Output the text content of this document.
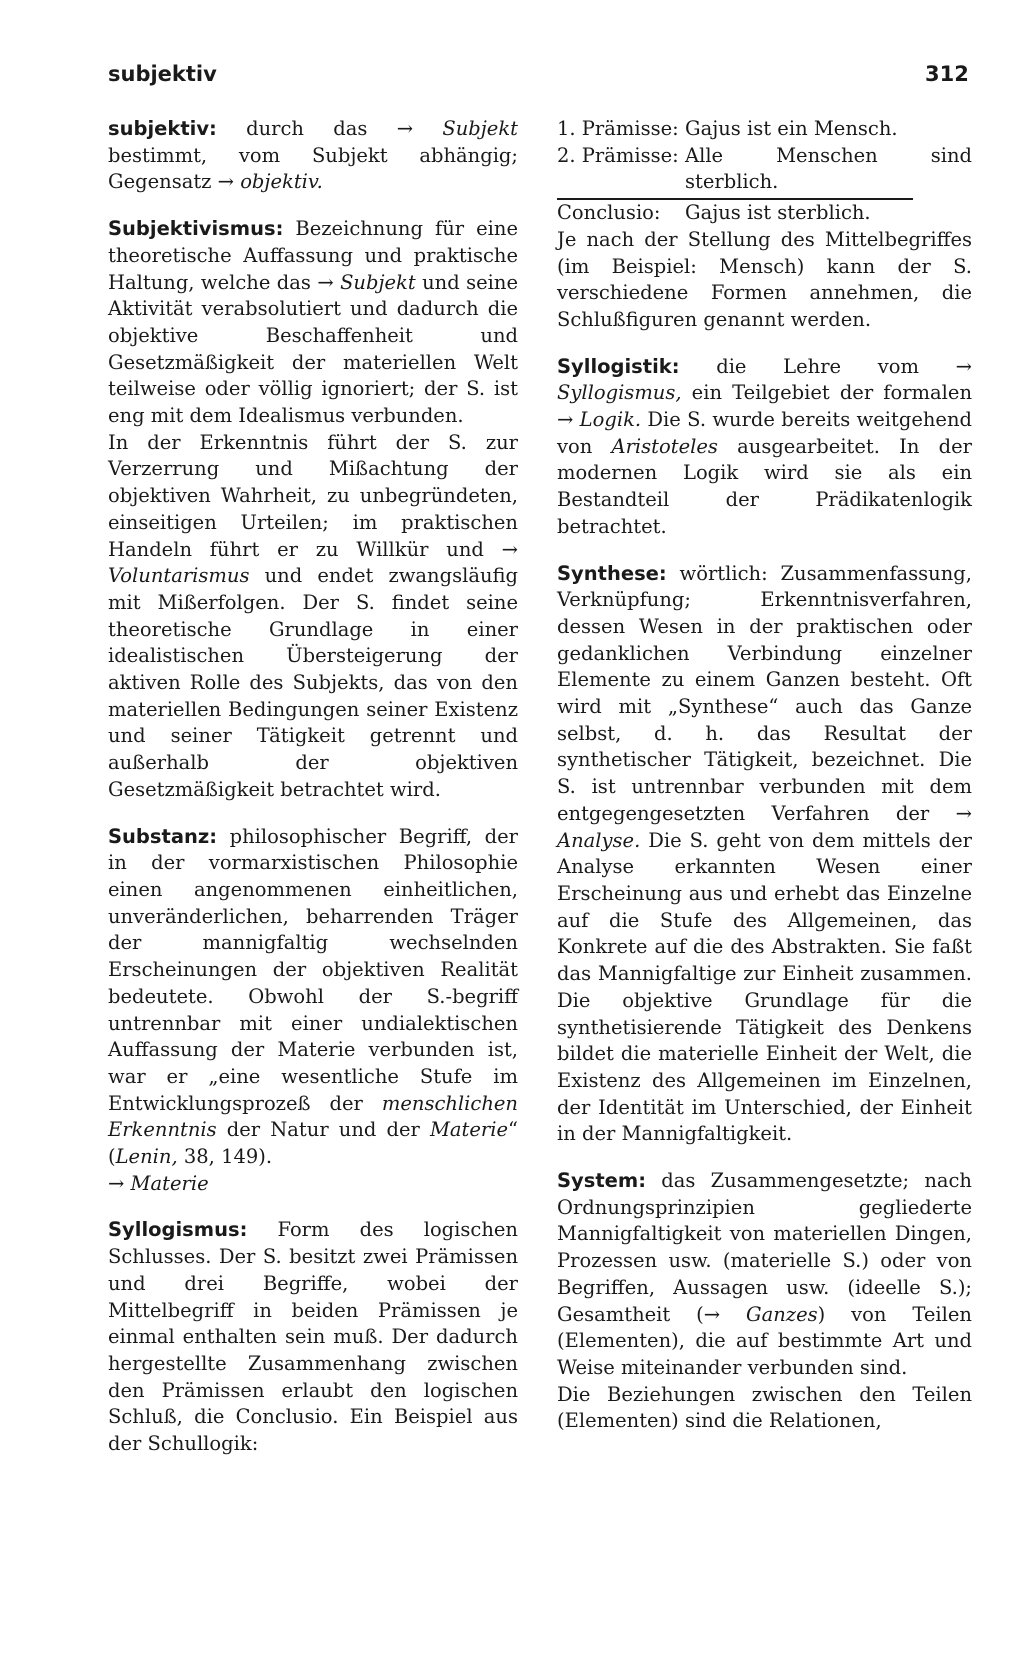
subjektiv	312

subjektiv: durch das → Subjekt bestimmt, vom Subjekt abhängig; Gegensatz → objektiv.

Subjektivismus: Bezeichnung für eine theoretische Auffassung und praktische Haltung, welche das → Subjekt und seine Aktivität verabsolutiert und dadurch die objektive Beschaffenheit und Gesetzmäßigkeit der materiellen Welt teilweise oder völlig ignoriert; der S. ist eng mit dem Idealismus verbunden.

In der Erkenntnis führt der S. zur Verzerrung und Mißachtung der objektiven Wahrheit, zu unbegründeten, einseitigen Urteilen; im praktischen Handeln führt er zu Willkür und → Voluntarismus und endet zwangsläufig mit Mißerfolgen. Der S. findet seine theoretische Grundlage in einer idealistischen Übersteigerung der aktiven Rolle des Subjekts, das von den materiellen Bedingungen seiner Existenz und seiner Tätigkeit getrennt und außerhalb der objektiven Gesetzmäßigkeit betrachtet wird.

Substanz: philosophischer Begriff, der in der vormarxistischen Philosophie einen angenommenen einheitlichen, unveränderlichen, beharrenden Träger der mannigfaltig wechselnden Erscheinungen der objektiven Realität bedeutete. Obwohl der S.-begriff untrennbar mit einer undialektischen Auffassung der Materie verbunden ist, war er „eine wesentliche Stufe im Entwicklungsprozeß der menschlichen Erkenntnis der Natur und der Materie“ (Lenin, 38, 149).
→ Materie

Syllogismus: Form des logischen Schlusses. Der S. besitzt zwei Prämissen und drei Begriffe, wobei der Mittelbegriff in beiden Prämissen je einmal enthalten sein muß. Der dadurch hergestellte Zusammenhang zwischen den Prämissen erlaubt den logischen Schluß, die Conclusio. Ein Beispiel aus der Schullogik:

1. Prämisse:	Gajus ist ein Mensch.
2. Prämisse:	Alle Menschen sind sterblich.
Conclusio:	Gajus ist sterblich.

Je nach der Stellung des Mittelbegriffes (im Beispiel: Mensch) kann der S. verschiedene Formen annehmen, die Schlußfiguren genannt werden.

Syllogistik: die Lehre vom → Syllogismus, ein Teilgebiet der formalen → Logik. Die S. wurde bereits weitgehend von Aristoteles ausgearbeitet. In der modernen Logik wird sie als ein Bestandteil der Prädikatenlogik betrachtet.

Synthese: wörtlich: Zusammenfassung, Verknüpfung; Erkenntnisverfahren, dessen Wesen in der praktischen oder gedanklichen Verbindung einzelner Elemente zu einem Ganzen besteht. Oft wird mit „Synthese“ auch das Ganze selbst, d. h. das Resultat der synthetischer Tätigkeit, bezeichnet. Die S. ist untrennbar verbunden mit dem entgegengesetzten Verfahren der → Analyse. Die S. geht von dem mittels der Analyse erkannten Wesen einer Erscheinung aus und erhebt das Einzelne auf die Stufe des Allgemeinen, das Konkrete auf die des Abstrakten. Sie faßt das Mannigfaltige zur Einheit zusammen. Die objektive Grundlage für die synthetisierende Tätigkeit des Denkens bildet die materielle Einheit der Welt, die Existenz des Allgemeinen im Einzelnen, der Identität im Unterschied, der Einheit in der Mannigfaltigkeit.

System: das Zusammengesetzte; nach Ordnungsprinzipien gegliederte Mannigfaltigkeit von materiellen Dingen, Prozessen usw. (materielle S.) oder von Begriffen, Aussagen usw. (ideelle S.); Gesamtheit (→ Ganzes) von Teilen (Elementen), die auf bestimmte Art und Weise miteinander verbunden sind.

Die Beziehungen zwischen den Teilen (Elementen) sind die Relationen,
